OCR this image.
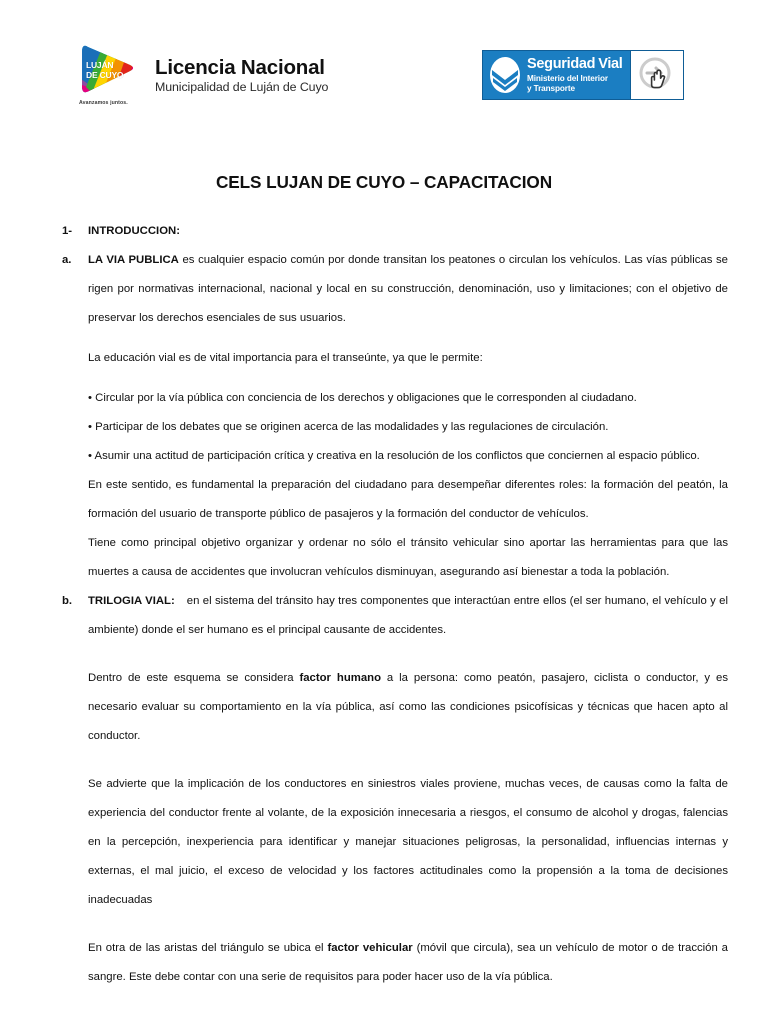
LUJÁN
DE CUYO
Avanzamos juntos.
Licencia Nacional
Municipalidad de Luján de Cuyo
Seguridad Vial
Ministerio del Interior
y Transporte
CELS LUJAN DE CUYO – CAPACITACION
1-	INTRODUCCION:
a.	LA VIA PUBLICA es cualquier espacio común por donde transitan los peatones o circulan los vehículos. Las vías públicas se rigen por normativas internacional, nacional y local en su construcción, denominación, uso y limitaciones; con el objetivo de preservar los derechos esenciales de sus usuarios.
La educación vial es de vital importancia para el transeúnte, ya que le permite:
• Circular por la vía pública con conciencia de los derechos y obligaciones que le corresponden al ciudadano.
• Participar de los debates que se originen acerca de las modalidades y las regulaciones de circulación.
• Asumir una actitud de participación crítica y creativa en la resolución de los conflictos que conciernen al espacio público.
En este sentido, es fundamental la preparación del ciudadano para desempeñar diferentes roles: la formación del peatón, la formación del usuario de transporte público de pasajeros y la formación del conductor de vehículos.
Tiene como principal objetivo organizar y ordenar no sólo el tránsito vehicular sino aportar las herramientas para que las muertes a causa de accidentes que involucran vehículos disminuyan, asegurando así bienestar a toda la población.
b.	TRILOGIA VIAL: en el sistema del tránsito hay tres componentes que interactúan entre ellos (el ser humano, el vehículo y el ambiente) donde el ser humano es el principal causante de accidentes.
Dentro de este esquema se considera factor humano a la persona: como peatón, pasajero, ciclista o conductor, y es necesario evaluar su comportamiento en la vía pública, así como las condiciones psicofísicas y técnicas que hacen apto al conductor.
Se advierte que la implicación de los conductores en siniestros viales proviene, muchas veces, de causas como la falta de experiencia del conductor frente al volante, de la exposición innecesaria a riesgos, el consumo de alcohol y drogas, falencias en la percepción, inexperiencia para identificar y manejar situaciones peligrosas, la personalidad, influencias internas y externas, el mal juicio, el exceso de velocidad y los factores actitudinales como la propensión a la toma de decisiones inadecuadas
En otra de las aristas del triángulo se ubica el factor vehicular (móvil que circula), sea un vehículo de motor o de tracción a sangre. Este debe contar con una serie de requisitos para poder hacer uso de la vía pública.
